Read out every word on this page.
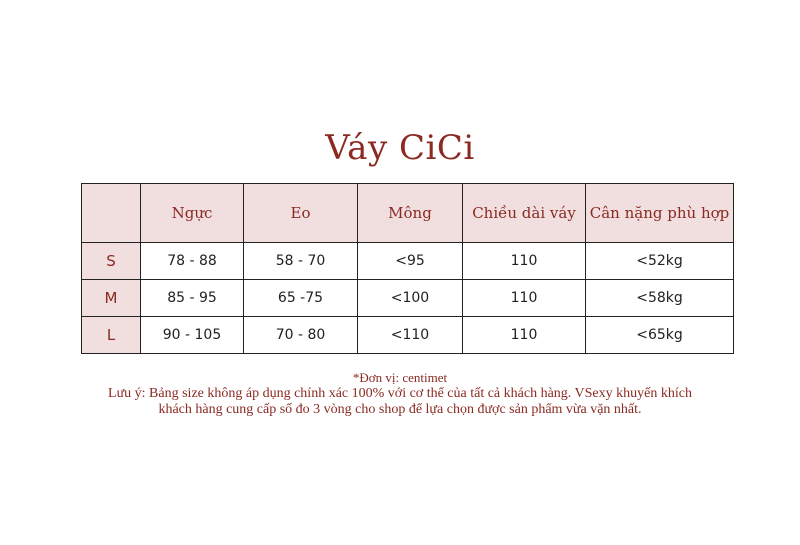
Váy CiCi
	Ngực	Eo	Mông	Chiều dài váy	Cân nặng phù hợp
S	78 - 88	58 - 70	<95	110	<52kg
M	85 - 95	65 -75	<100	110	<58kg
L	90 - 105	70 - 80	<110	110	<65kg
*Đơn vị: centimet
Lưu ý: Bảng size không áp dụng chính xác 100% với cơ thể của tất cả khách hàng. VSexy khuyến khích
khách hàng cung cấp số đo 3 vòng cho shop để lựa chọn được sản phẩm vừa vặn nhất.
